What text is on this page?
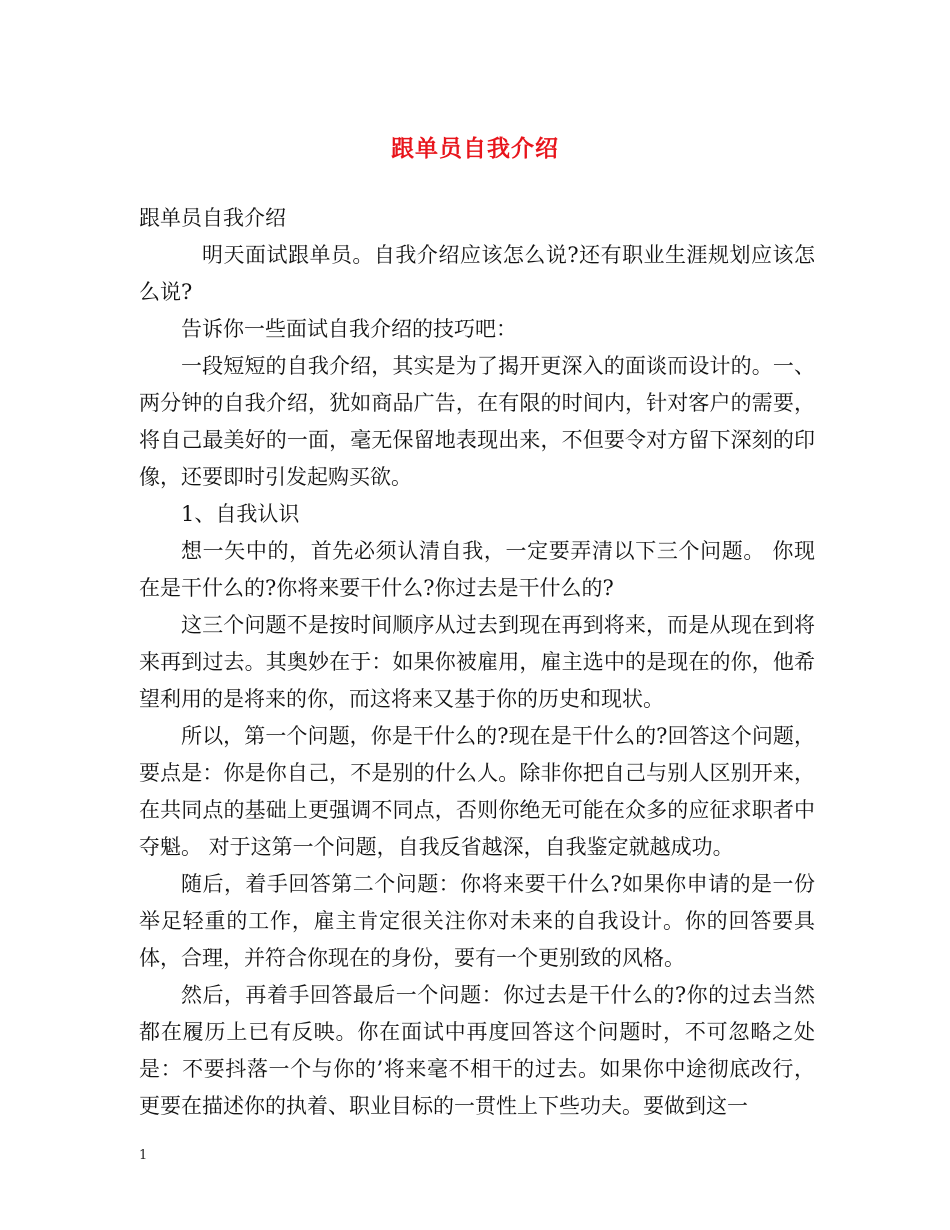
跟单员自我介绍

跟单员自我介绍

明天面试跟单员。自我介绍应该怎么说?还有职业生涯规划应该怎么说?

告诉你一些面试自我介绍的技巧吧：

一段短短的自我介绍，其实是为了揭开更深入的面谈而设计的。一、两分钟的自我介绍，犹如商品广告，在有限的时间内，针对客户的需要，将自己最美好的一面，毫无保留地表现出来，不但要令对方留下深刻的印像，还要即时引发起购买欲。

1、自我认识

想一矢中的，首先必须认清自我，一定要弄清以下三个问题。 你现在是干什么的?你将来要干什么?你过去是干什么的?

这三个问题不是按时间顺序从过去到现在再到将来，而是从现在到将来再到过去。其奥妙在于：如果你被雇用，雇主选中的是现在的你，他希望利用的是将来的你，而这将来又基于你的历史和现状。

所以，第一个问题，你是干什么的?现在是干什么的?回答这个问题，要点是：你是你自己，不是别的什么人。除非你把自己与别人区别开来，在共同点的基础上更强调不同点，否则你绝无可能在众多的应征求职者中夺魁。 对于这第一个问题，自我反省越深，自我鉴定就越成功。

随后，着手回答第二个问题：你将来要干什么?如果你申请的是一份举足轻重的工作，雇主肯定很关注你对未来的自我设计。你的回答要具体，合理，并符合你现在的身份，要有一个更别致的风格。

然后，再着手回答最后一个问题：你过去是干什么的?你的过去当然都在履历上已有反映。你在面试中再度回答这个问题时，不可忽略之处是：不要抖落一个与你的’将来毫不相干的过去。如果你中途彻底改行，更要在描述你的执着、职业目标的一贯性上下些功夫。要做到这一

1
